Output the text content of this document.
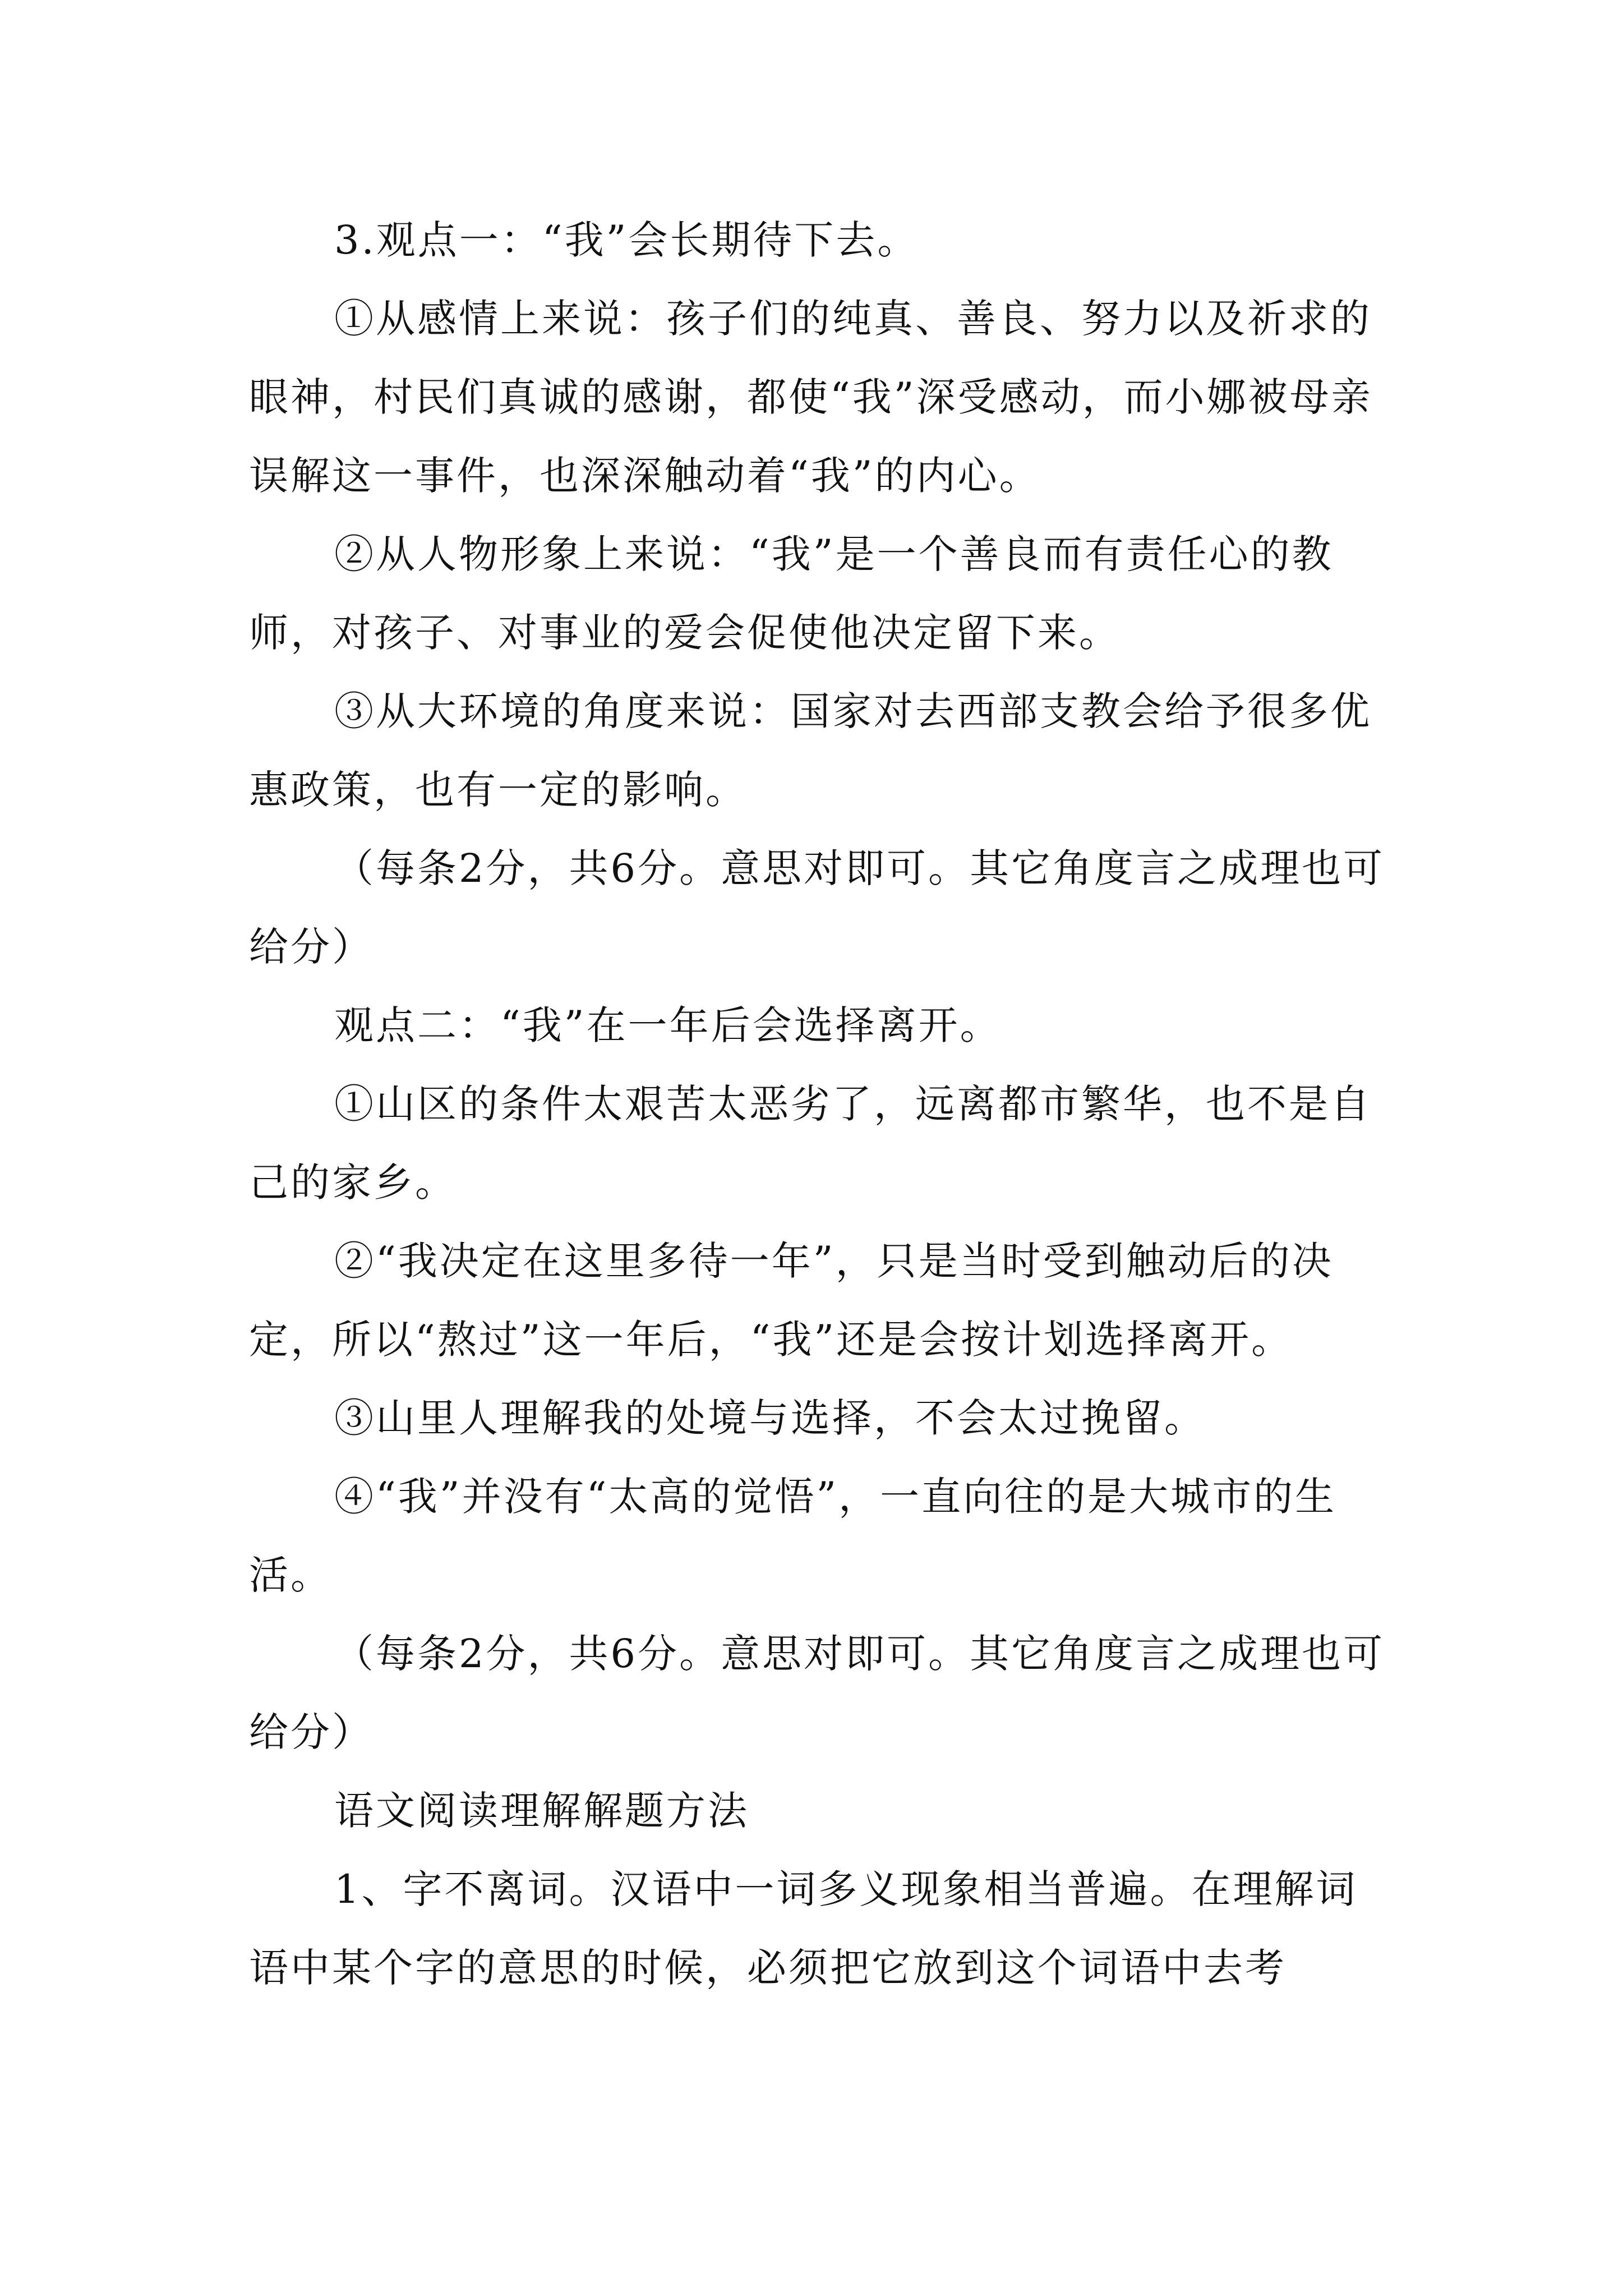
3.观点一：“我”会长期待下去。

①从感情上来说：孩子们的纯真、善良、努力以及祈求的眼神，村民们真诚的感谢，都使“我”深受感动，而小娜被母亲误解这一事件，也深深触动着“我”的内心。

②从人物形象上来说：“我”是一个善良而有责任心的教师，对孩子、对事业的爱会促使他决定留下来。

③从大环境的角度来说：国家对去西部支教会给予很多优惠政策，也有一定的影响。

（每条2分，共6分。意思对即可。其它角度言之成理也可给分）

观点二：“我”在一年后会选择离开。

①山区的条件太艰苦太恶劣了，远离都市繁华，也不是自己的家乡。

②“我决定在这里多待一年”，只是当时受到触动后的决定，所以“熬过”这一年后，“我”还是会按计划选择离开。

③山里人理解我的处境与选择，不会太过挽留。

④“我”并没有“太高的觉悟”，一直向往的是大城市的生活。

（每条2分，共6分。意思对即可。其它角度言之成理也可给分）

语文阅读理解解题方法

1、字不离词。汉语中一词多义现象相当普遍。在理解词语中某个字的意思的时候，必须把它放到这个词语中去考
